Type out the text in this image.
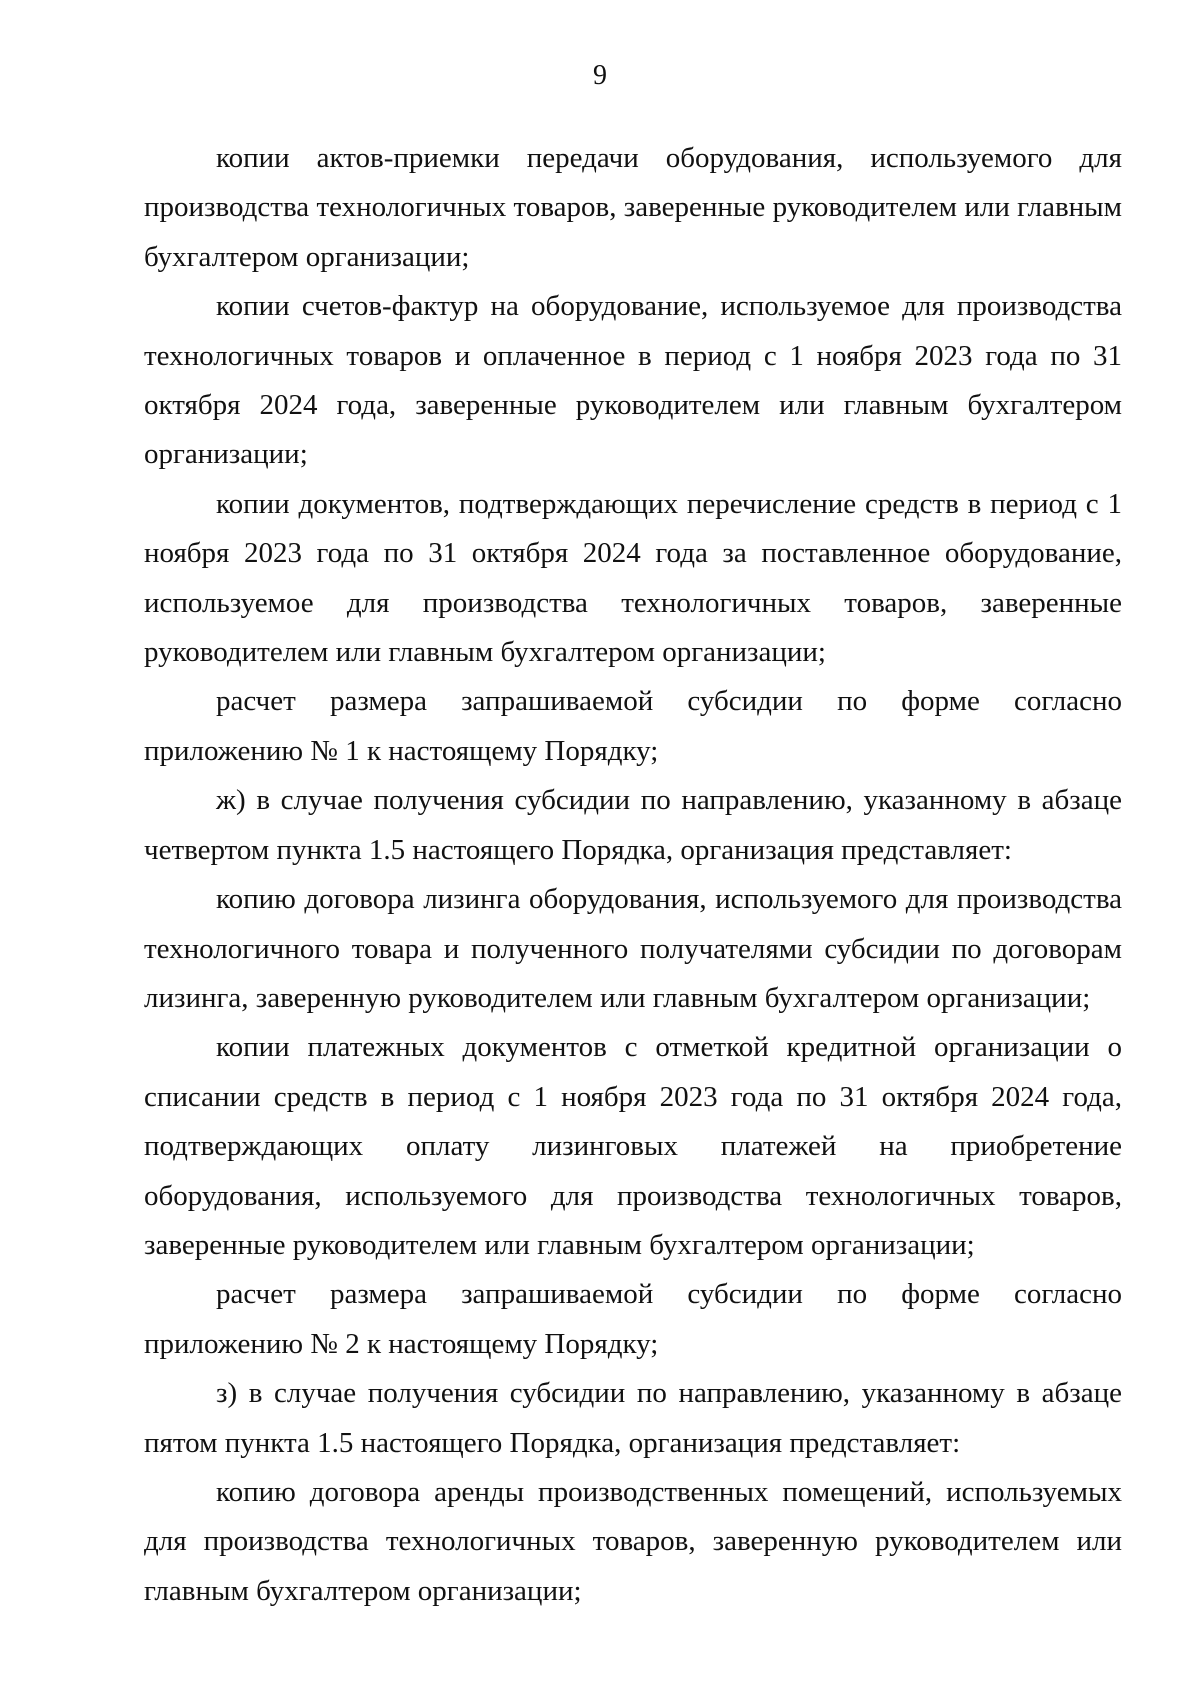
9

копии актов-приемки передачи оборудования, используемого для производства технологичных товаров, заверенные руководителем или главным бухгалтером организации;

копии счетов-фактур на оборудование, используемое для производства технологичных товаров и оплаченное в период с 1 ноября 2023 года по 31 октября 2024 года, заверенные руководителем или главным бухгалтером организации;

копии документов, подтверждающих перечисление средств в период с 1 ноября 2023 года по 31 октября 2024 года за поставленное оборудование, используемое для производства технологичных товаров, заверенные руководителем или главным бухгалтером организации;

расчет размера запрашиваемой субсидии по форме согласно приложению № 1 к настоящему Порядку;

ж) в случае получения субсидии по направлению, указанному в абзаце четвертом пункта 1.5 настоящего Порядка, организация представляет:

копию договора лизинга оборудования, используемого для производства технологичного товара и полученного получателями субсидии по договорам лизинга, заверенную руководителем или главным бухгалтером организации;

копии платежных документов с отметкой кредитной организации о списании средств в период с 1 ноября 2023 года по 31 октября 2024 года, подтверждающих оплату лизинговых платежей на приобретение оборудования, используемого для производства технологичных товаров, заверенные руководителем или главным бухгалтером организации;

расчет размера запрашиваемой субсидии по форме согласно приложению № 2 к настоящему Порядку;

з) в случае получения субсидии по направлению, указанному в абзаце пятом пункта 1.5 настоящего Порядка, организация представляет:

копию договора аренды производственных помещений, используемых для производства технологичных товаров, заверенную руководителем или главным бухгалтером организации;
